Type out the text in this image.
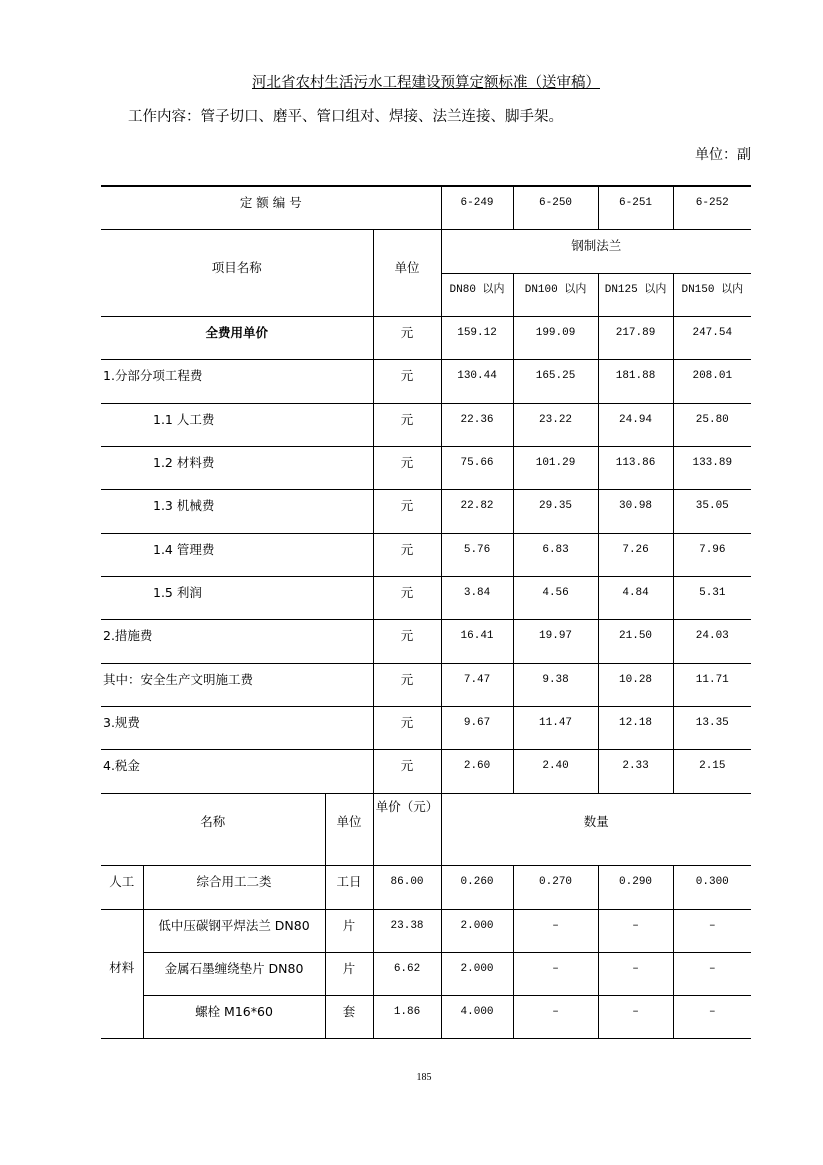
河北省农村生活污水工程建设预算定额标准（送审稿）
工作内容：管子切口、磨平、管口组对、焊接、法兰连接、脚手架。
单位：副
定 额 编 号				6-249	6-250	6-251	6-252
项目名称			单位	钢制法兰			
				DN80 以内	DN100 以内	DN125 以内	DN150 以内
全费用单价			元	159.12	199.09	217.89	247.54
1.分部分项工程费			元	130.44	165.25	181.88	208.01
1.1 人工费			元	22.36	23.22	24.94	25.80
1.2 材料费			元	75.66	101.29	113.86	133.89
1.3 机械费			元	22.82	29.35	30.98	35.05
1.4 管理费			元	5.76	6.83	7.26	7.96
1.5 利润			元	3.84	4.56	4.84	5.31
2.措施费			元	16.41	19.97	21.50	24.03
其中：安全生产文明施工费			元	7.47	9.38	10.28	11.71
3.规费			元	9.67	11.47	12.18	13.35
4.税金			元	2.60	2.40	2.33	2.15
名称		单位	单价（元）	数量			
人工	综合用工二类	工日	86.00	0.260	0.270	0.290	0.300
材料	低中压碳钢平焊法兰 DN80	片	23.38	2.000	–	–	–
	金属石墨缠绕垫片 DN80	片	6.62	2.000	–	–	–
	螺栓 M16*60	套	1.86	4.000	–	–	–
185
